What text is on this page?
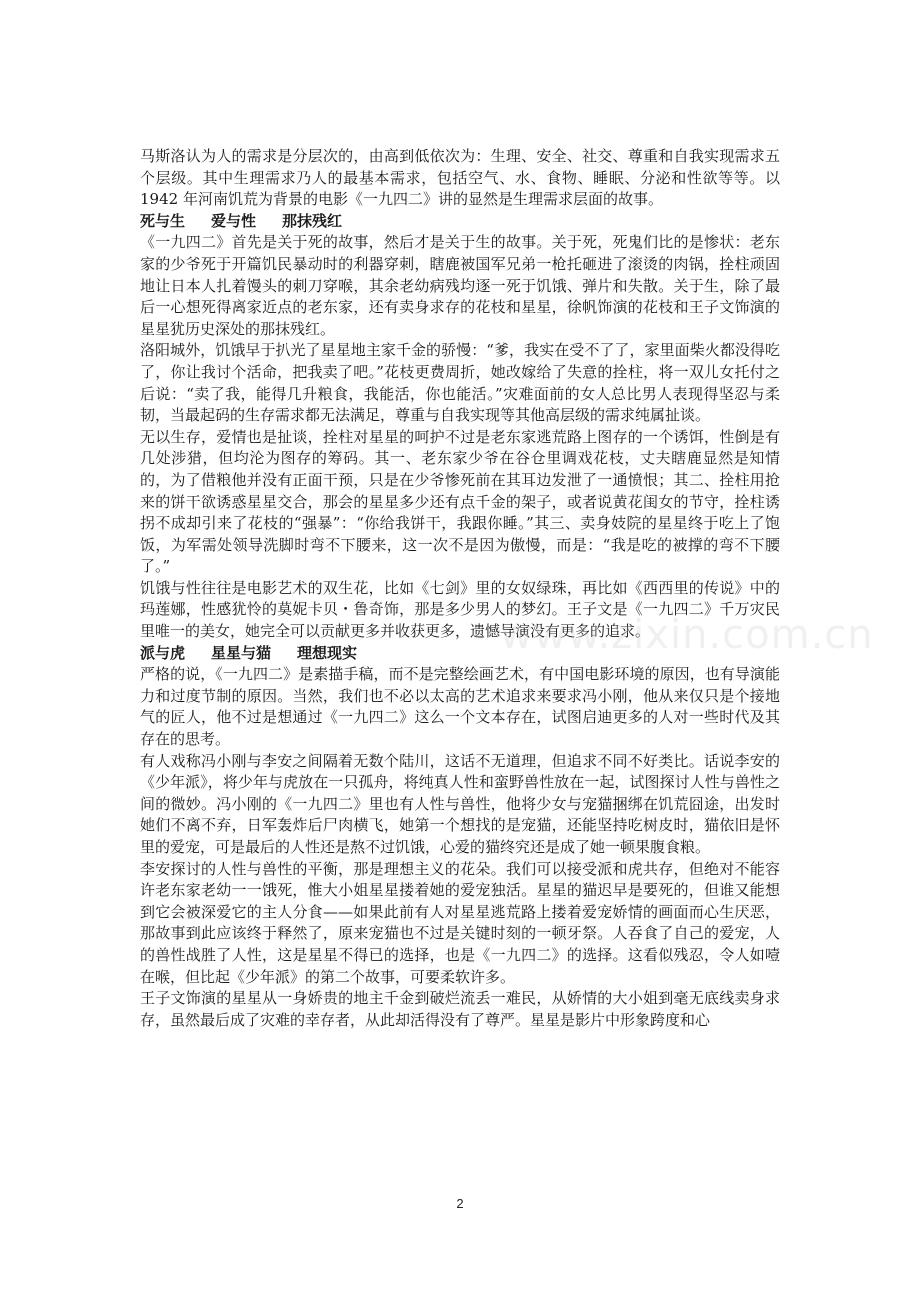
马斯洛认为人的需求是分层次的，由高到低依次为：生理、安全、社交、尊重和自我实现需求五个层级。其中生理需求乃人的最基本需求，包括空气、水、食物、睡眠、分泌和性欲等等。以 1942 年河南饥荒为背景的电影《一九四二》讲的显然是生理需求层面的故事。

死与生 爱与性 那抹残红

《一九四二》首先是关于死的故事，然后才是关于生的故事。关于死，死鬼们比的是惨状：老东家的少爷死于开篇饥民暴动时的利器穿刺，瞎鹿被国军兄弟一枪托砸进了滚烫的肉锅，拴柱顽固地让日本人扎着馒头的刺刀穿喉，其余老幼病残均逐一死于饥饿、弹片和失散。关于生，除了最后一心想死得离家近点的老东家，还有卖身求存的花枝和星星，徐帆饰演的花枝和王子文饰演的星星犹历史深处的那抹残红。

洛阳城外，饥饿早于扒光了星星地主家千金的骄慢：“爹，我实在受不了了，家里面柴火都没得吃了，你让我讨个活命，把我卖了吧。”花枝更费周折，她改嫁给了失意的拴柱，将一双儿女托付之后说：“卖了我，能得几升粮食，我能活，你也能活。”灾难面前的女人总比男人表现得坚忍与柔韧，当最起码的生存需求都无法满足，尊重与自我实现等其他高层级的需求纯属扯谈。

无以生存，爱情也是扯谈，拴柱对星星的呵护不过是老东家逃荒路上图存的一个诱饵，性倒是有几处涉猎，但均沦为图存的筹码。其一、老东家少爷在谷仓里调戏花枝，丈夫瞎鹿显然是知情的，为了借粮他并没有正面干预，只是在少爷惨死前在其耳边发泄了一通愤恨；其二、拴柱用抢来的饼干欲诱惑星星交合，那会的星星多少还有点千金的架子，或者说黄花闺女的节守，拴柱诱拐不成却引来了花枝的“强暴”：“你给我饼干，我跟你睡。”其三、卖身妓院的星星终于吃上了饱饭，为军需处领导洗脚时弯不下腰来，这一次不是因为傲慢，而是：“我是吃的被撑的弯不下腰了。”

饥饿与性往往是电影艺术的双生花，比如《七剑》里的女奴绿珠，再比如《西西里的传说》中的玛莲娜，性感犹怜的莫妮卡贝・鲁奇饰，那是多少男人的梦幻。王子文是《一九四二》千万灾民里唯一的美女，她完全可以贡献更多并收获更多，遗憾导演没有更多的追求。

派与虎 星星与猫 理想现实

严格的说，《一九四二》是素描手稿，而不是完整绘画艺术，有中国电影环境的原因，也有导演能力和过度节制的原因。当然，我们也不必以太高的艺术追求来要求冯小刚，他从来仅只是个接地气的匠人，他不过是想通过《一九四二》这么一个文本存在，试图启迪更多的人对一些时代及其存在的思考。

有人戏称冯小刚与李安之间隔着无数个陆川，这话不无道理，但追求不同不好类比。话说李安的《少年派》，将少年与虎放在一只孤舟，将纯真人性和蛮野兽性放在一起，试图探讨人性与兽性之间的微妙。冯小刚的《一九四二》里也有人性与兽性，他将少女与宠猫捆绑在饥荒囧途，出发时她们不离不弃，日军轰炸后尸肉横飞，她第一个想找的是宠猫，还能坚持吃树皮时，猫依旧是怀里的爱宠，可是最后的人性还是熬不过饥饿，心爱的猫终究还是成了她一顿果腹食粮。

李安探讨的人性与兽性的平衡，那是理想主义的花朵。我们可以接受派和虎共存，但绝对不能容许老东家老幼一一饿死，惟大小姐星星搂着她的爱宠独活。星星的猫迟早是要死的，但谁又能想到它会被深爱它的主人分食——如果此前有人对星星逃荒路上搂着爱宠娇情的画面而心生厌恶，那故事到此应该终于释然了，原来宠猫也不过是关键时刻的一顿牙祭。人吞食了自己的爱宠，人的兽性战胜了人性，这是星星不得已的选择，也是《一九四二》的选择。这看似残忍，令人如噎在喉，但比起《少年派》的第二个故事，可要柔软许多。

王子文饰演的星星从一身娇贵的地主千金到破烂流丢一难民，从娇情的大小姐到毫无底线卖身求存，虽然最后成了灾难的幸存者，从此却活得没有了尊严。星星是影片中形象跨度和心

www.zixin.com.cn
2
